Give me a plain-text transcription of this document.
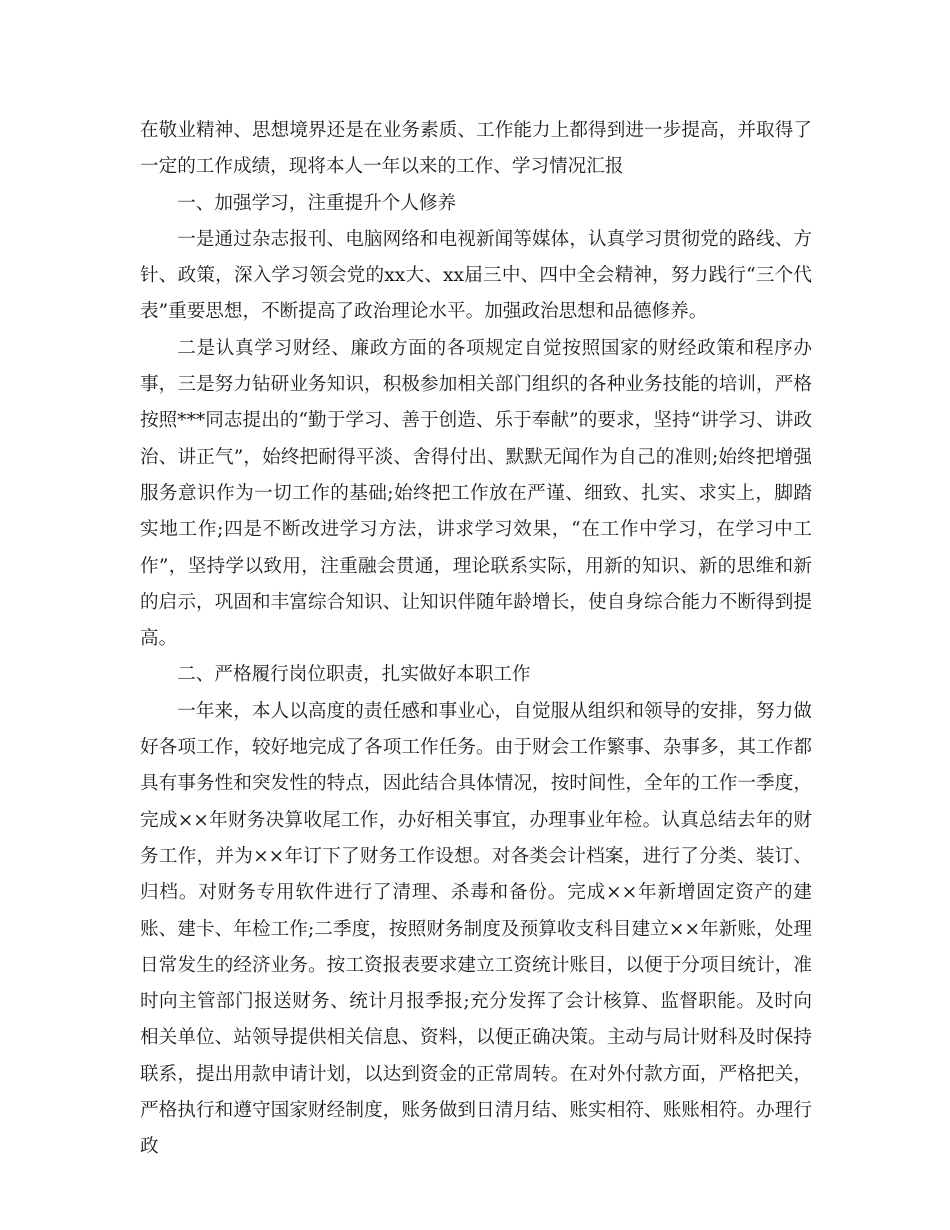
在敬业精神、思想境界还是在业务素质、工作能力上都得到进一步提高，并取得了一定的工作成绩，现将本人一年以来的工作、学习情况汇报

一、加强学习，注重提升个人修养

一是通过杂志报刊、电脑网络和电视新闻等媒体，认真学习贯彻党的路线、方针、政策，深入学习领会党的xx大、xx届三中、四中全会精神，努力践行“三个代表”重要思想，不断提高了政治理论水平。加强政治思想和品德修养。

二是认真学习财经、廉政方面的各项规定自觉按照国家的财经政策和程序办事，三是努力钻研业务知识，积极参加相关部门组织的各种业务技能的培训，严格按照***同志提出的“勤于学习、善于创造、乐于奉献”的要求，坚持“讲学习、讲政治、讲正气”，始终把耐得平淡、舍得付出、默默无闻作为自己的准则;始终把增强服务意识作为一切工作的基础;始终把工作放在严谨、细致、扎实、求实上，脚踏实地工作;四是不断改进学习方法，讲求学习效果，“在工作中学习，在学习中工作”，坚持学以致用，注重融会贯通，理论联系实际，用新的知识、新的思维和新的启示，巩固和丰富综合知识、让知识伴随年龄增长，使自身综合能力不断得到提高。

二、严格履行岗位职责，扎实做好本职工作

一年来，本人以高度的责任感和事业心，自觉服从组织和领导的安排，努力做好各项工作，较好地完成了各项工作任务。由于财会工作繁事、杂事多，其工作都具有事务性和突发性的特点，因此结合具体情况，按时间性，全年的工作一季度，完成××年财务决算收尾工作，办好相关事宜，办理事业年检。认真总结去年的财务工作，并为××年订下了财务工作设想。对各类会计档案，进行了分类、装订、归档。对财务专用软件进行了清理、杀毒和备份。完成××年新增固定资产的建账、建卡、年检工作;二季度，按照财务制度及预算收支科目建立××年新账，处理日常发生的经济业务。按工资报表要求建立工资统计账目，以便于分项目统计，准时向主管部门报送财务、统计月报季报;充分发挥了会计核算、监督职能。及时向相关单位、站领导提供相关信息、资料，以便正确决策。主动与局计财科及时保持联系，提出用款申请计划，以达到资金的正常周转。在对外付款方面，严格把关，严格执行和遵守国家财经制度，账务做到日清月结、账实相符、账账相符。办理行政
